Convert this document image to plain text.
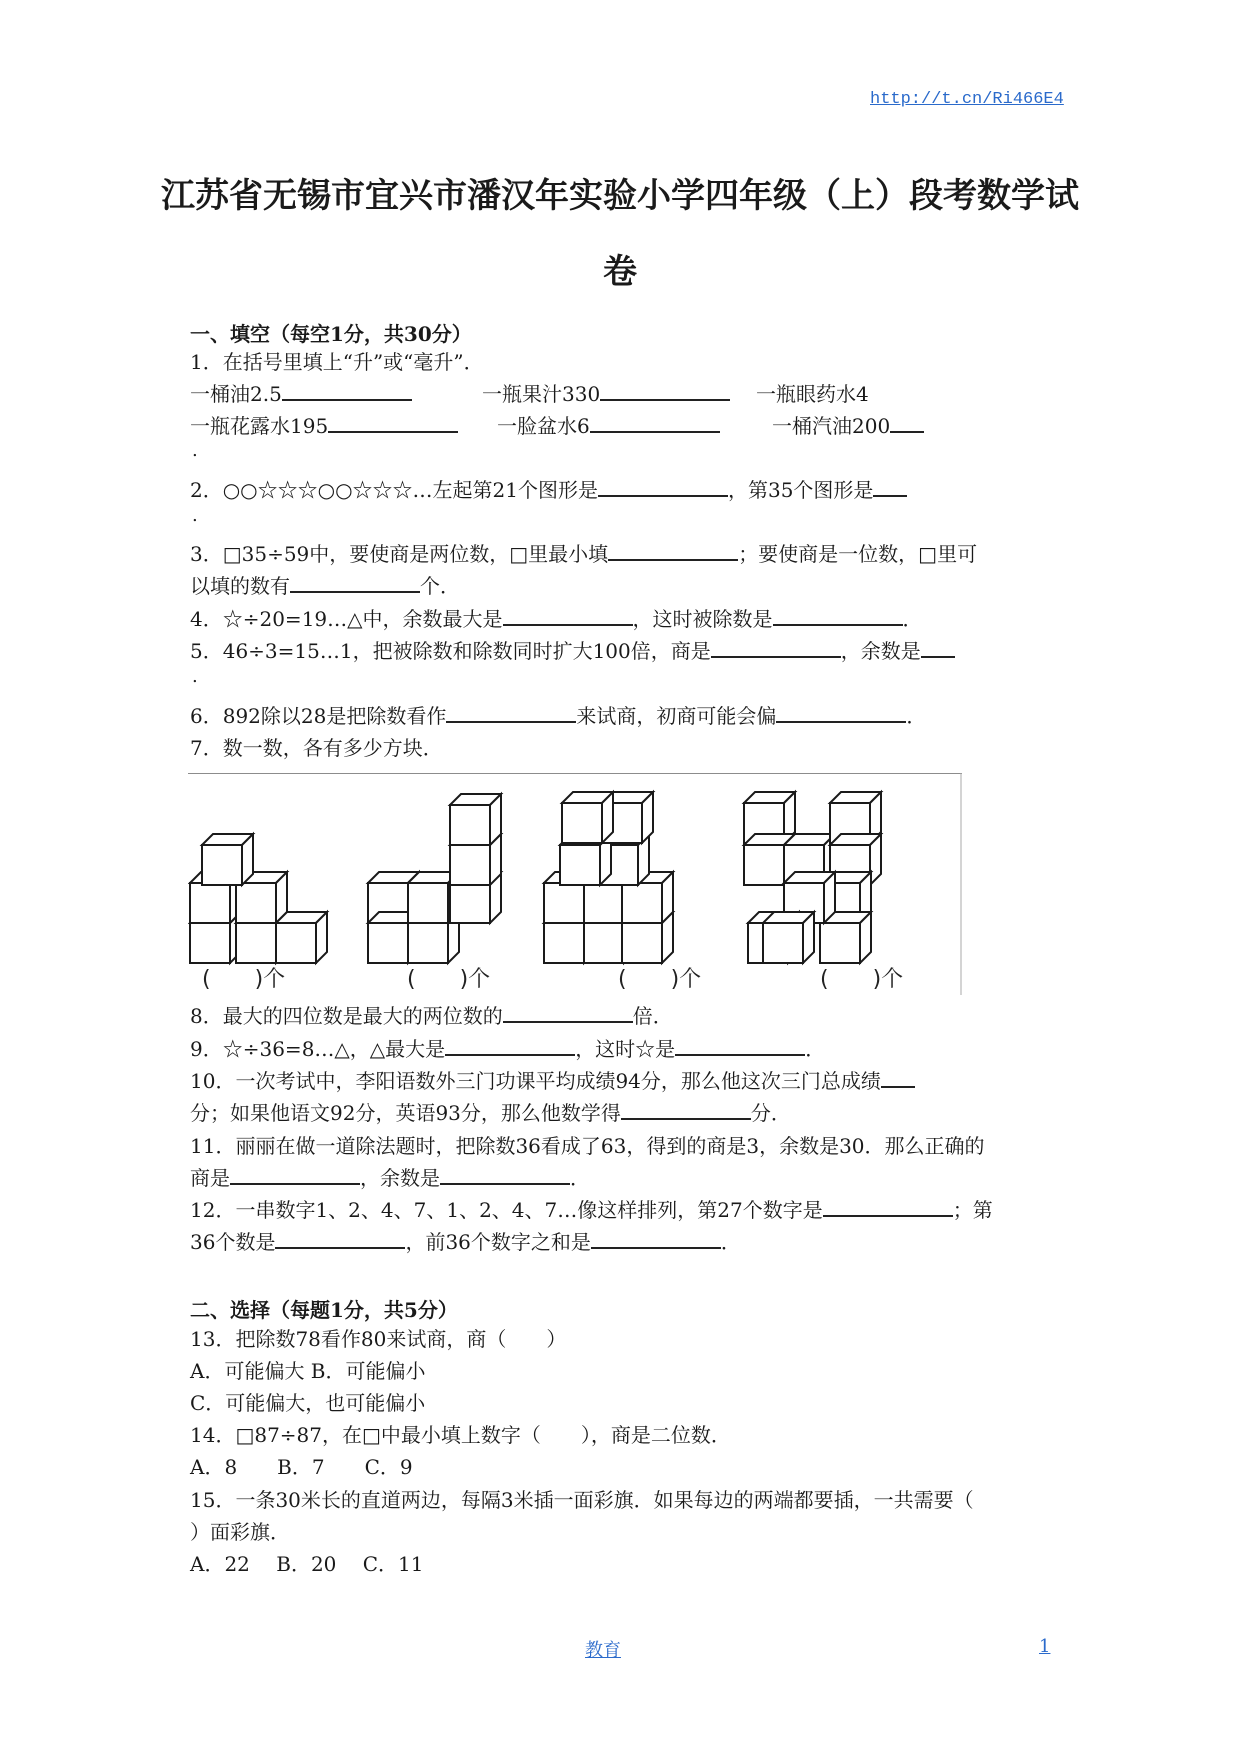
http://t.cn/Ri466E4
江苏省无锡市宜兴市潘汉年实验小学四年级（上）段考数学试
卷
一、填空（每空1分，共30分）
1．在括号里填上“升”或“毫升”．
一桶油2.5	一瓶果汁330	一瓶眼药水4
一瓶花露水195	一脸盆水6	一桶汽油200
.
2．○○☆☆☆○○☆☆☆…左起第21个图形是	，第35个图形是
.
3．□35÷59中，要使商是两位数，□里最小填	；要使商是一位数，□里可
以填的数有	个．
4．☆÷20=19…△中，余数最大是	，这时被除数是	．
5．46÷3=15…1，把被除数和除数同时扩大100倍，商是	，余数是
.
6．892除以28是把除数看作	来试商，初商可能会偏	．
7．数一数，各有多少方块．
(　　)个	(　　)个	(　　)个	(　　)个
8．最大的四位数是最大的两位数的	倍．
9．☆÷36=8…△，△最大是	，这时☆是	．
10．一次考试中，李阳语数外三门功课平均成绩94分，那么他这次三门总成绩
分；如果他语文92分，英语93分，那么他数学得	分．
11．丽丽在做一道除法题时，把除数36看成了63，得到的商是3，余数是30．那么正确的
商是	，余数是	．
12．一串数字1、2、4、7、1、2、4、7…像这样排列，第27个数字是	；第
36个数是	，前36个数字之和是	．
二、选择（每题1分，共5分）
13．把除数78看作80来试商，商（　　）
A．可能偏大 B．可能偏小
C．可能偏大，也可能偏小
14．□87÷87，在□中最小填上数字（　　），商是二位数．
A．8　　B．7　　C．9
15．一条30米长的直道两边，每隔3米插一面彩旗．如果每边的两端都要插，一共需要（
）面彩旗．
A．22　 B．20　 C．11
教育	1
